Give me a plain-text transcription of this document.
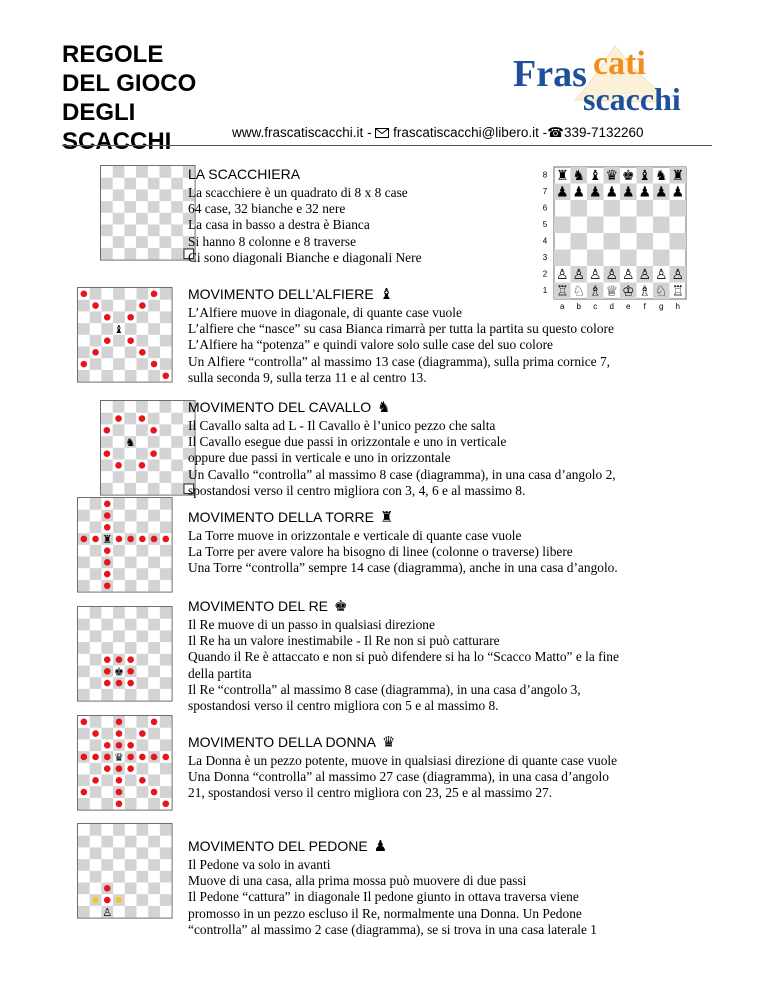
REGOLE
DEL GIOCO
DEGLI
SCACCHI
Fras cati
scacchi
www.frascatiscacchi.it -  frascatiscacchi@libero.it -☎339-7132260
♝
♞
♜
♚
♛
♙
8
7
6
5
4
3
2
1
a b c d e f g h
♜ ♞ ♝ ♛ ♚ ♝ ♞ ♜
♟ ♟ ♟ ♟ ♟ ♟ ♟ ♟
♙ ♙ ♙ ♙ ♙ ♙ ♙ ♙
♖ ♘ ♗ ♕ ♔ ♗ ♘ ♖
LA SCACCHIERA

La scacchiere è un quadrato di 8 x 8 case

64 case, 32 bianche e 32 nere

La casa in basso a destra è Bianca

Si hanno 8 colonne e 8 traverse

Ci sono diagonali Bianche e diagonali Nere

MOVIMENTO DELL’ALFIERE ♝

L’Alfiere muove in diagonale, di quante case vuole

L’alfiere che “nasce” su casa Bianca rimarrà per tutta la partita su questo colore

L’Alfiere ha “potenza” e quindi valore solo sulle case del suo colore

Un Alfiere “controlla” al massimo 13 case (diagramma), sulla prima cornice 7,

sulla seconda 9, sulla terza 11 e al centro 13.

MOVIMENTO DEL CAVALLO ♞

Il Cavallo salta ad L - Il Cavallo è l’unico pezzo che salta

Il Cavallo esegue due passi in orizzontale e uno in verticale

oppure due passi in verticale e uno in orizzontale

Un Cavallo “controlla” al massimo 8 case (diagramma), in una casa d’angolo 2,

spostandosi verso il centro migliora con 3, 4, 6 e al massimo 8.

MOVIMENTO DELLA TORRE ♜

La Torre muove in orizzontale e verticale di quante case vuole

La Torre per avere valore ha bisogno di linee (colonne o traverse) libere

Una Torre “controlla” sempre 14 case (diagramma), anche in una casa d’angolo.

MOVIMENTO DEL RE ♚

Il Re muove di un passo in qualsiasi direzione

Il Re ha un valore inestimabile - Il Re non si può catturare

Quando il Re è attaccato e non si può difendere si ha lo “Scacco Matto” e la fine

della partita

Il Re “controlla” al massimo 8 case (diagramma), in una casa d’angolo 3,

spostandosi verso il centro migliora con 5 e al massimo 8.

MOVIMENTO DELLA DONNA ♛

La Donna è un pezzo potente, muove in qualsiasi direzione di quante case vuole

Una Donna “controlla” al massimo 27 case (diagramma), in una casa d’angolo

21, spostandosi verso il centro migliora con 23, 25 e al massimo 27.

MOVIMENTO DEL PEDONE ♟

Il Pedone va solo in avanti

Muove di una casa, alla prima mossa può muovere di due passi

Il Pedone “cattura” in diagonale Il pedone giunto in ottava traversa viene

promosso in un pezzo escluso il Re, normalmente una Donna. Un Pedone

“controlla” al massimo 2 case (diagramma), se si trova in una casa laterale 1
